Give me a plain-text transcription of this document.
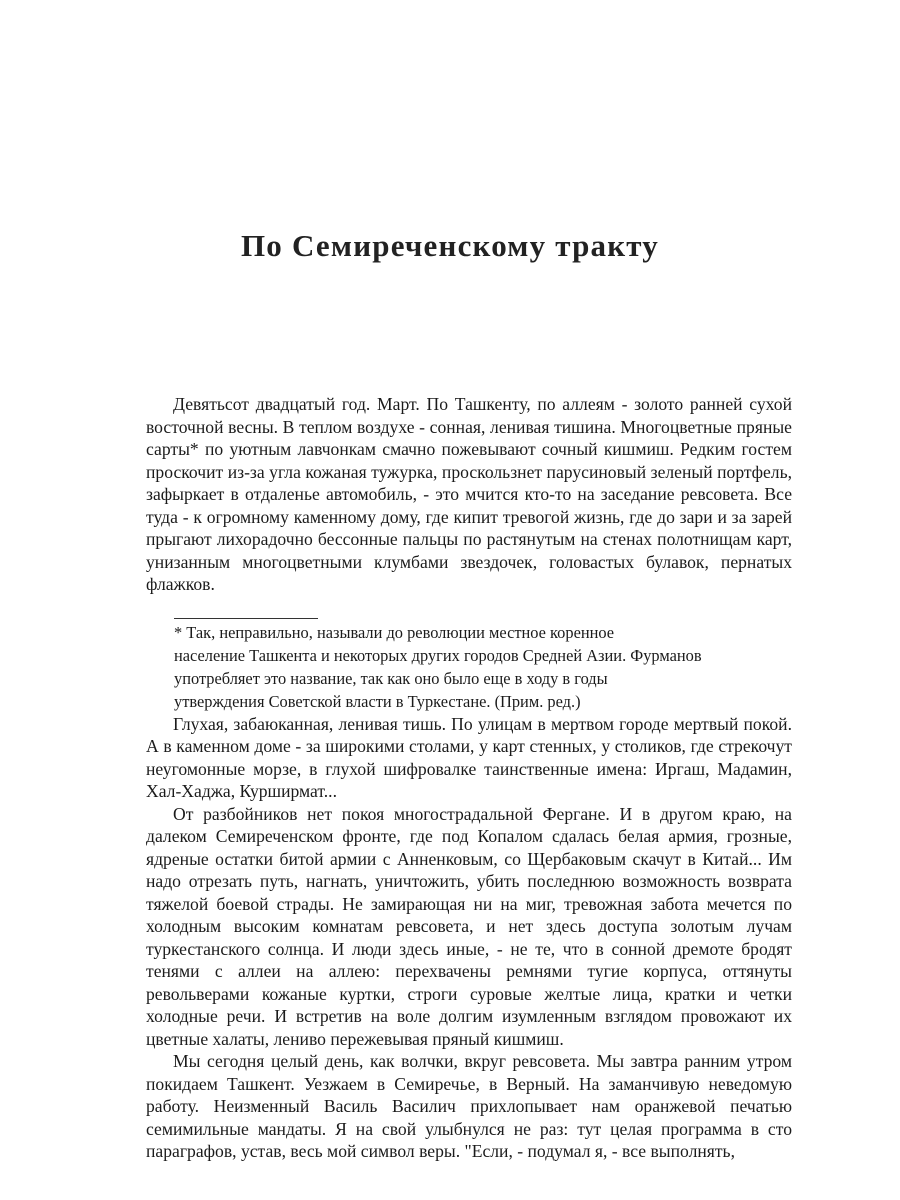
По Семиреченскому тракту

Девятьсот двадцатый год. Март. По Ташкенту, по аллеям - золото ранней сухой восточной весны. В теплом воздухе - сонная, ленивая тишина. Многоцветные пряные сарты* по уютным лавчонкам смачно пожевывают сочный кишмиш. Редким гостем проскочит из-за угла кожаная тужурка, проскользнет парусиновый зеленый портфель, зафыркает в отдаленье автомобиль, - это мчится кто-то на заседание ревсовета. Все туда - к огромному каменному дому, где кипит тревогой жизнь, где до зари и за зарей прыгают лихорадочно бессонные пальцы по растянутым на стенах полотнищам карт, унизанным многоцветными клумбами звездочек, головастых булавок, пернатых флажков.

* Так, неправильно, называли до революции местное коренное
население Ташкента и некоторых других городов Средней Азии. Фурманов
употребляет это название, так как оно было еще в ходу в годы
утверждения Советской власти в Туркестане. (Прим. ред.)

Глухая, забаюканная, ленивая тишь. По улицам в мертвом городе мертвый покой. А в каменном доме - за широкими столами, у карт стенных, у столиков, где стрекочут неугомонные морзе, в глухой шифровалке таинственные имена: Иргаш, Мадамин, Хал-Хаджа, Курширмат...

От разбойников нет покоя многострадальной Фергане. И в другом краю, на далеком Семиреченском фронте, где под Копалом сдалась белая армия, грозные, ядреные остатки битой армии с Анненковым, со Щербаковым скачут в Китай... Им надо отрезать путь, нагнать, уничтожить, убить последнюю возможность возврата тяжелой боевой страды. Не замирающая ни на миг, тревожная забота мечется по холодным высоким комнатам ревсовета, и нет здесь доступа золотым лучам туркестанского солнца. И люди здесь иные, - не те, что в сонной дремоте бродят тенями с аллеи на аллею: перехвачены ремнями тугие корпуса, оттянуты револьверами кожаные куртки, строги суровые желтые лица, кратки и четки холодные речи. И встретив на воле долгим изумленным взглядом провожают их цветные халаты, лениво пережевывая пряный кишмиш.

Мы сегодня целый день, как волчки, вкруг ревсовета. Мы завтра ранним утром покидаем Ташкент. Уезжаем в Семиречье, в Верный. На заманчивую неведомую работу. Неизменный Василь Василич прихлопывает нам оранжевой печатью семимильные мандаты. Я на свой улыбнулся не раз: тут целая программа в сто параграфов, устав, весь мой символ веры. "Если, - подумал я, - все выполнять,
